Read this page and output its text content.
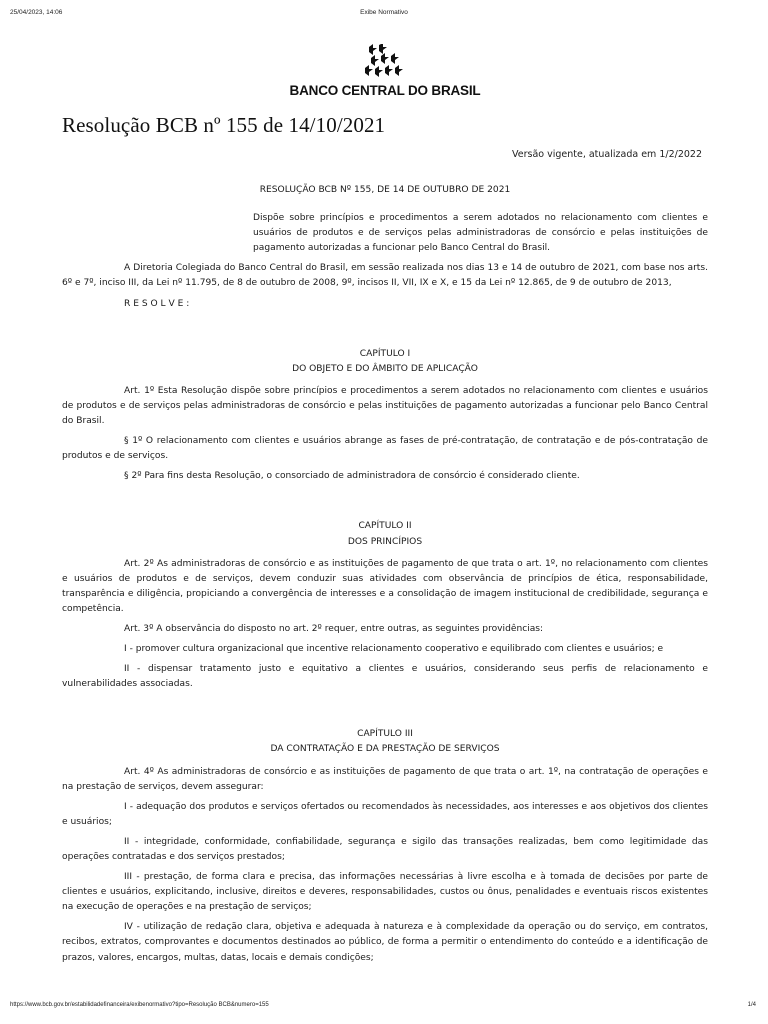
25/04/2023, 14:06	Exibe Normativo
BANCO CENTRAL DO BRASIL
Resolução BCB nº 155 de 14/10/2021
Versão vigente, atualizada em 1/2/2022

RESOLUÇÃO BCB Nº 155, DE 14 DE OUTUBRO DE 2021

Dispõe sobre princípios e procedimentos a serem adotados no relacionamento com clientes e usuários de produtos e de serviços pelas administradoras de consórcio e pelas instituições de pagamento autorizadas a funcionar pelo Banco Central do Brasil.

A Diretoria Colegiada do Banco Central do Brasil, em sessão realizada nos dias 13 e 14 de outubro de 2021, com base nos arts. 6º e 7º, inciso III, da Lei nº 11.795, de 8 de outubro de 2008, 9º, incisos II, VII, IX e X, e 15 da Lei nº 12.865, de 9 de outubro de 2013,

R E S O L V E :

CAPÍTULO I

DO OBJETO E DO ÂMBITO DE APLICAÇÃO

Art. 1º Esta Resolução dispõe sobre princípios e procedimentos a serem adotados no relacionamento com clientes e usuários de produtos e de serviços pelas administradoras de consórcio e pelas instituições de pagamento autorizadas a funcionar pelo Banco Central do Brasil.

§ 1º O relacionamento com clientes e usuários abrange as fases de pré-contratação, de contratação e de pós-contratação de produtos e de serviços.

§ 2º Para fins desta Resolução, o consorciado de administradora de consórcio é considerado cliente.

CAPÍTULO II

DOS PRINCÍPIOS

Art. 2º As administradoras de consórcio e as instituições de pagamento de que trata o art. 1º, no relacionamento com clientes e usuários de produtos e de serviços, devem conduzir suas atividades com observância de princípios de ética, responsabilidade, transparência e diligência, propiciando a convergência de interesses e a consolidação de imagem institucional de credibilidade, segurança e competência.

Art. 3º A observância do disposto no art. 2º requer, entre outras, as seguintes providências:

I - promover cultura organizacional que incentive relacionamento cooperativo e equilibrado com clientes e usuários; e

II - dispensar tratamento justo e equitativo a clientes e usuários, considerando seus perfis de relacionamento e vulnerabilidades associadas.

CAPÍTULO III

DA CONTRATAÇÃO E DA PRESTAÇÃO DE SERVIÇOS

Art. 4º As administradoras de consórcio e as instituições de pagamento de que trata o art. 1º, na contratação de operações e na prestação de serviços, devem assegurar:

I - adequação dos produtos e serviços ofertados ou recomendados às necessidades, aos interesses e aos objetivos dos clientes e usuários;

II - integridade, conformidade, confiabilidade, segurança e sigilo das transações realizadas, bem como legitimidade das operações contratadas e dos serviços prestados;

III - prestação, de forma clara e precisa, das informações necessárias à livre escolha e à tomada de decisões por parte de clientes e usuários, explicitando, inclusive, direitos e deveres, responsabilidades, custos ou ônus, penalidades e eventuais riscos existentes na execução de operações e na prestação de serviços;

IV - utilização de redação clara, objetiva e adequada à natureza e à complexidade da operação ou do serviço, em contratos, recibos, extratos, comprovantes e documentos destinados ao público, de forma a permitir o entendimento do conteúdo e a identificação de prazos, valores, encargos, multas, datas, locais e demais condições;

https://www.bcb.gov.br/estabilidadefinanceira/exibenormativo?tipo=Resolução BCB&numero=155	1/4
